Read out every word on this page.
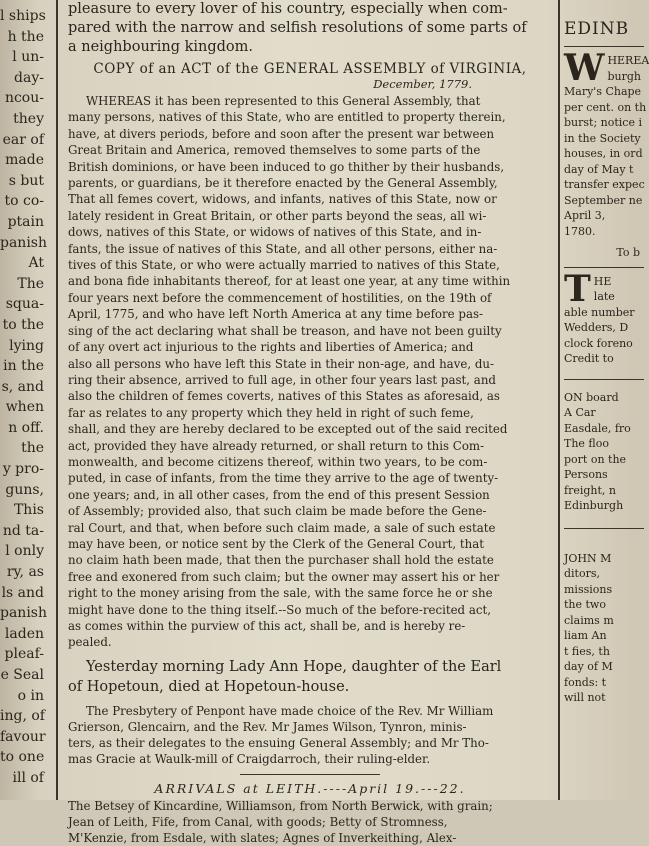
l ships
h the
l un-
day-
ncou-
they
ear of
made
s but
to co-
ptain
panish
At
The
squa-
to the
lying
in the
s, and
when
n off.
the
y pro-
guns,
This
nd ta-
l only
ry, as
ls and
panish
laden
pleaf-
e Seal
o in
ing, of
favour
to one
ill of
pleasure to every lover of his country, especially when com-
pared with the narrow and selfish resolutions of some parts of
a neighbouring kingdom.
COPY of an ACT of the GENERAL ASSEMBLY of VIRGINIA,
December, 1779.
WHEREAS it has been represented to this General Assembly, that
many persons, natives of this State, who are entitled to property therein,
have, at divers periods, before and soon after the present war between
Great Britain and America, removed themselves to some parts of the
British dominions, or have been induced to go thither by their husbands,
parents, or guardians, be it therefore enacted by the General Assembly,
That all femes covert, widows, and infants, natives of this State, now or
lately resident in Great Britain, or other parts beyond the seas, all wi-
dows, natives of this State, or widows of natives of this State, and in-
fants, the issue of natives of this State, and all other persons, either na-
tives of this State, or who were actually married to natives of this State,
and bona fide inhabitants thereof, for at least one year, at any time within
four years next before the commencement of hostilities, on the 19th of
April, 1775, and who have left North America at any time before pas-
sing of the act declaring what shall be treason, and have not been guilty
of any overt act injurious to the rights and liberties of America; and
also all persons who have left this State in their non-age, and have, du-
ring their absence, arrived to full age, in other four years last past, and
also the children of femes coverts, natives of this States as aforesaid, as
far as relates to any property which they held in right of such feme,
shall, and they are hereby declared to be excepted out of the said recited
act, provided they have already returned, or shall return to this Com-
monwealth, and become citizens thereof, within two years, to be com-
puted, in case of infants, from the time they arrive to the age of twenty-
one years; and, in all other cases, from the end of this present Session
of Assembly; provided also, that such claim be made before the Gene-
ral Court, and that, when before such claim made, a sale of such estate
may have been, or notice sent by the Clerk of the General Court, that
no claim hath been made, that then the purchaser shall hold the estate
free and exonered from such claim; but the owner may assert his or her
right to the money arising from the sale, with the same force he or she
might have done to the thing itself.--So much of the before-recited act,
as comes within the purview of this act, shall be, and is hereby re-
pealed.
Yesterday morning Lady Ann Hope, daughter of the Earl
of Hopetoun, died at Hopetoun-house.
The Presbytery of Penpont have made choice of the Rev. Mr William
Grierson, Glencairn, and the Rev. Mr James Wilson, Tynron, minis-
ters, as their delegates to the ensuing General Assembly; and Mr Tho-
mas Gracie at Waulk-mill of Craigdarroch, their ruling-elder.
ARRIVALS at LEITH.----April 19.---22.
The Betsey of Kincardine, Williamson, from North Berwick, with grain;
Jean of Leith, Fife, from Canal, with goods; Betty of Stromness,
M'Kenzie, from Esdale, with slates; Agnes of Inverkeithing, Alex-
EDINB
W HEREA
burgh
Mary's Chape
per cent. on th
burst; notice i
in the Society
houses, in ord
day of May t
transfer expec
September ne
April 3,
1780.
To b
T HE
late
able number
Wedders, D
clock foreno
Credit to
ON board
A Car
Easdale, fro
The floo
port on the
Persons
freight, n
Edinburgh
JOHN M
ditors,
missions
the two
claims m
liam An
t fies, th
day of M
fonds: t
will not
